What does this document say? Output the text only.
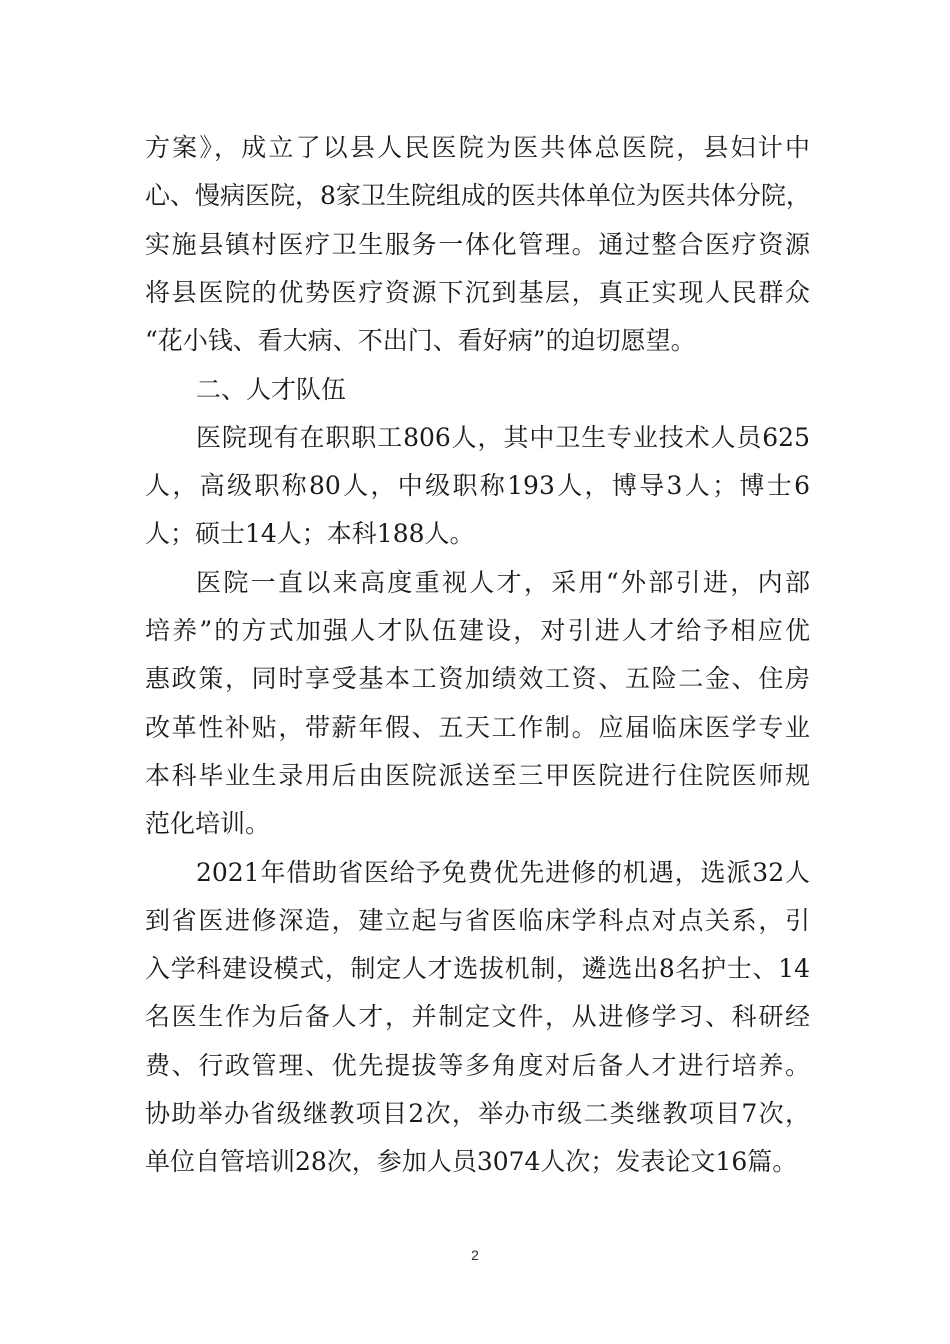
方案》，成立了以县人民医院为医共体总医院，县妇计中
心、慢病医院，8家卫生院组成的医共体单位为医共体分院，
实施县镇村医疗卫生服务一体化管理。通过整合医疗资源
将县医院的优势医疗资源下沉到基层，真正实现人民群众
“花小钱、看大病、不出门、看好病”的迫切愿望。
二、人才队伍
医院现有在职职工806人，其中卫生专业技术人员625
人，高级职称80人，中级职称193人，博导3人；博士6
人；硕士14人；本科188人。
医院一直以来高度重视人才，采用“外部引进，内部
培养”的方式加强人才队伍建设，对引进人才给予相应优
惠政策，同时享受基本工资加绩效工资、五险二金、住房
改革性补贴，带薪年假、五天工作制。应届临床医学专业
本科毕业生录用后由医院派送至三甲医院进行住院医师规
范化培训。
2021年借助省医给予免费优先进修的机遇，选派32人
到省医进修深造，建立起与省医临床学科点对点关系，引
入学科建设模式，制定人才选拔机制，遴选出8名护士、14
名医生作为后备人才，并制定文件，从进修学习、科研经
费、行政管理、优先提拔等多角度对后备人才进行培养。
协助举办省级继教项目2次，举办市级二类继教项目7次，
2
单位自管培训28次，参加人员3074人次；发表论文16篇。
